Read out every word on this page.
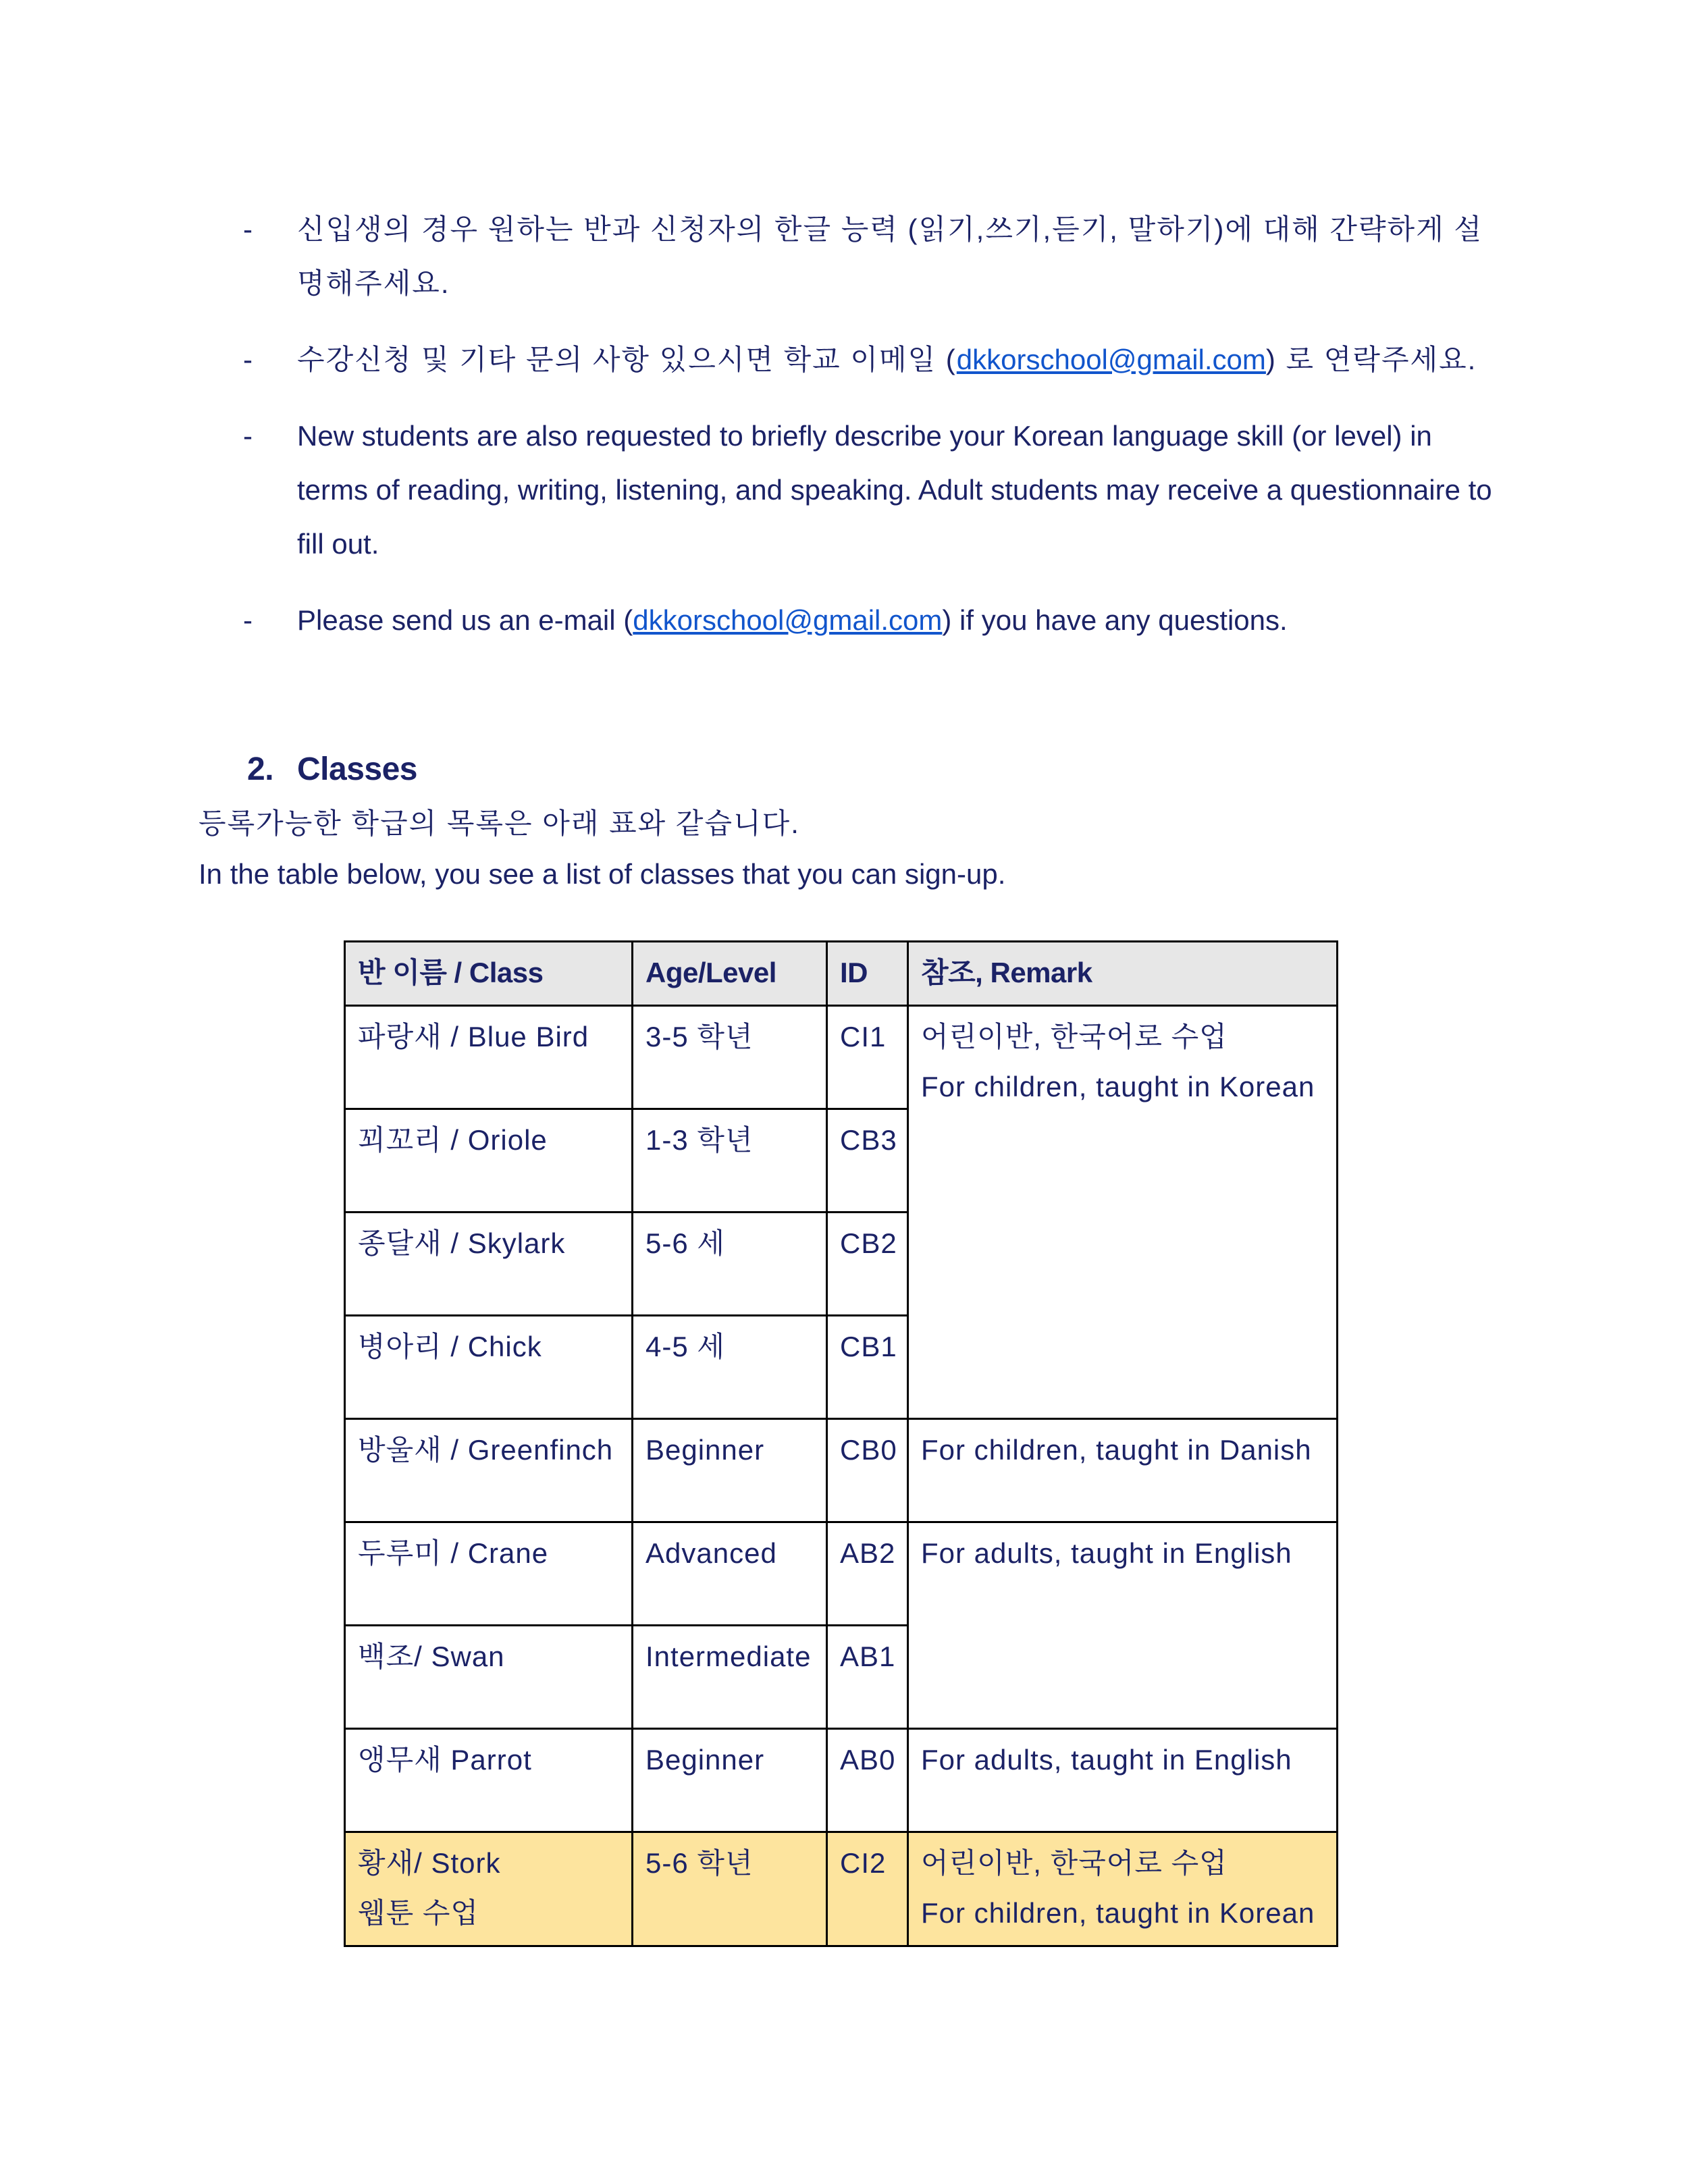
-	신입생의 경우 원하는 반과 신청자의 한글 능력 (읽기,쓰기,듣기, 말하기)에 대해 간략하게 설명해주세요.
-	수강신청 및 기타 문의 사항 있으시면 학교 이메일 (dkkorschool@gmail.com) 로 연락주세요.
-	New students are also requested to briefly describe your Korean language skill (or level) in terms of reading, writing, listening, and speaking. Adult students may receive a questionnaire to fill out.
-	Please send us an e-mail (dkkorschool@gmail.com) if you have any questions.
2. Classes
등록가능한 학급의 목록은 아래 표와 같습니다.
In the table below, you see a list of classes that you can sign-up.
반 이름 / Class	Age/Level	ID	참조, Remark
파랑새 / Blue Bird	3-5 학년	CI1	어린이반, 한국어로 수업
For children, taught in Korean
꾀꼬리 / Oriole	1-3 학년	CB3	
종달새 / Skylark	5-6 세	CB2	
병아리 / Chick	4-5 세	CB1	
방울새 / Greenfinch	Beginner	CB0	For children, taught in Danish
두루미 / Crane	Advanced	AB2	For adults, taught in English
백조/ Swan	Intermediate	AB1	
앵무새 Parrot	Beginner	AB0	For adults, taught in English
황새/ Stork
웹툰 수업	5-6 학년	CI2	어린이반, 한국어로 수업
For children, taught in Korean
